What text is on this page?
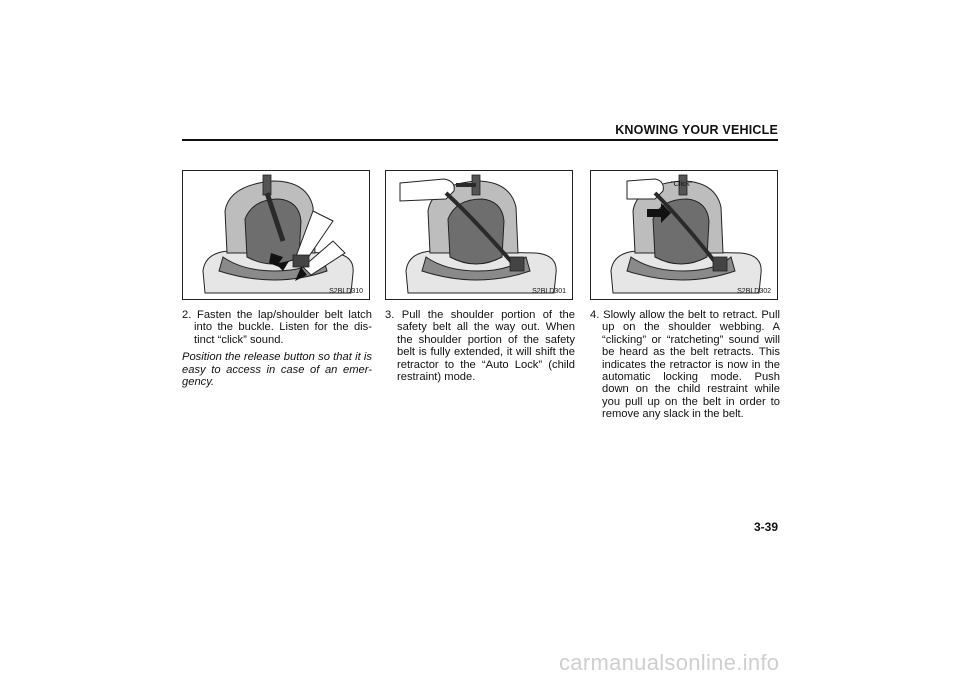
KNOWING YOUR VEHICLE
S2BLD310	S2BLD301
“Click”
S2BLD302

2. Fasten the lap/shoulder belt latch into the buckle. Listen for the dis- tinct “click” sound.

Position the release button so that it is easy to access in case of an emer- gency.

3. Pull the shoulder portion of the safety belt all the way out. When the shoulder portion of the safety belt is fully extended, it will shift the retractor to the “Auto Lock” (child restraint) mode.

4. Slowly allow the belt to retract. Pull up on the shoulder webbing. A “clicking” or “ratcheting” sound will be heard as the belt retracts. This indicates the retractor is now in the automatic locking mode. Push down on the child restraint while you pull up on the belt in order to remove any slack in the belt.

3-39
carmanualsonline.info
